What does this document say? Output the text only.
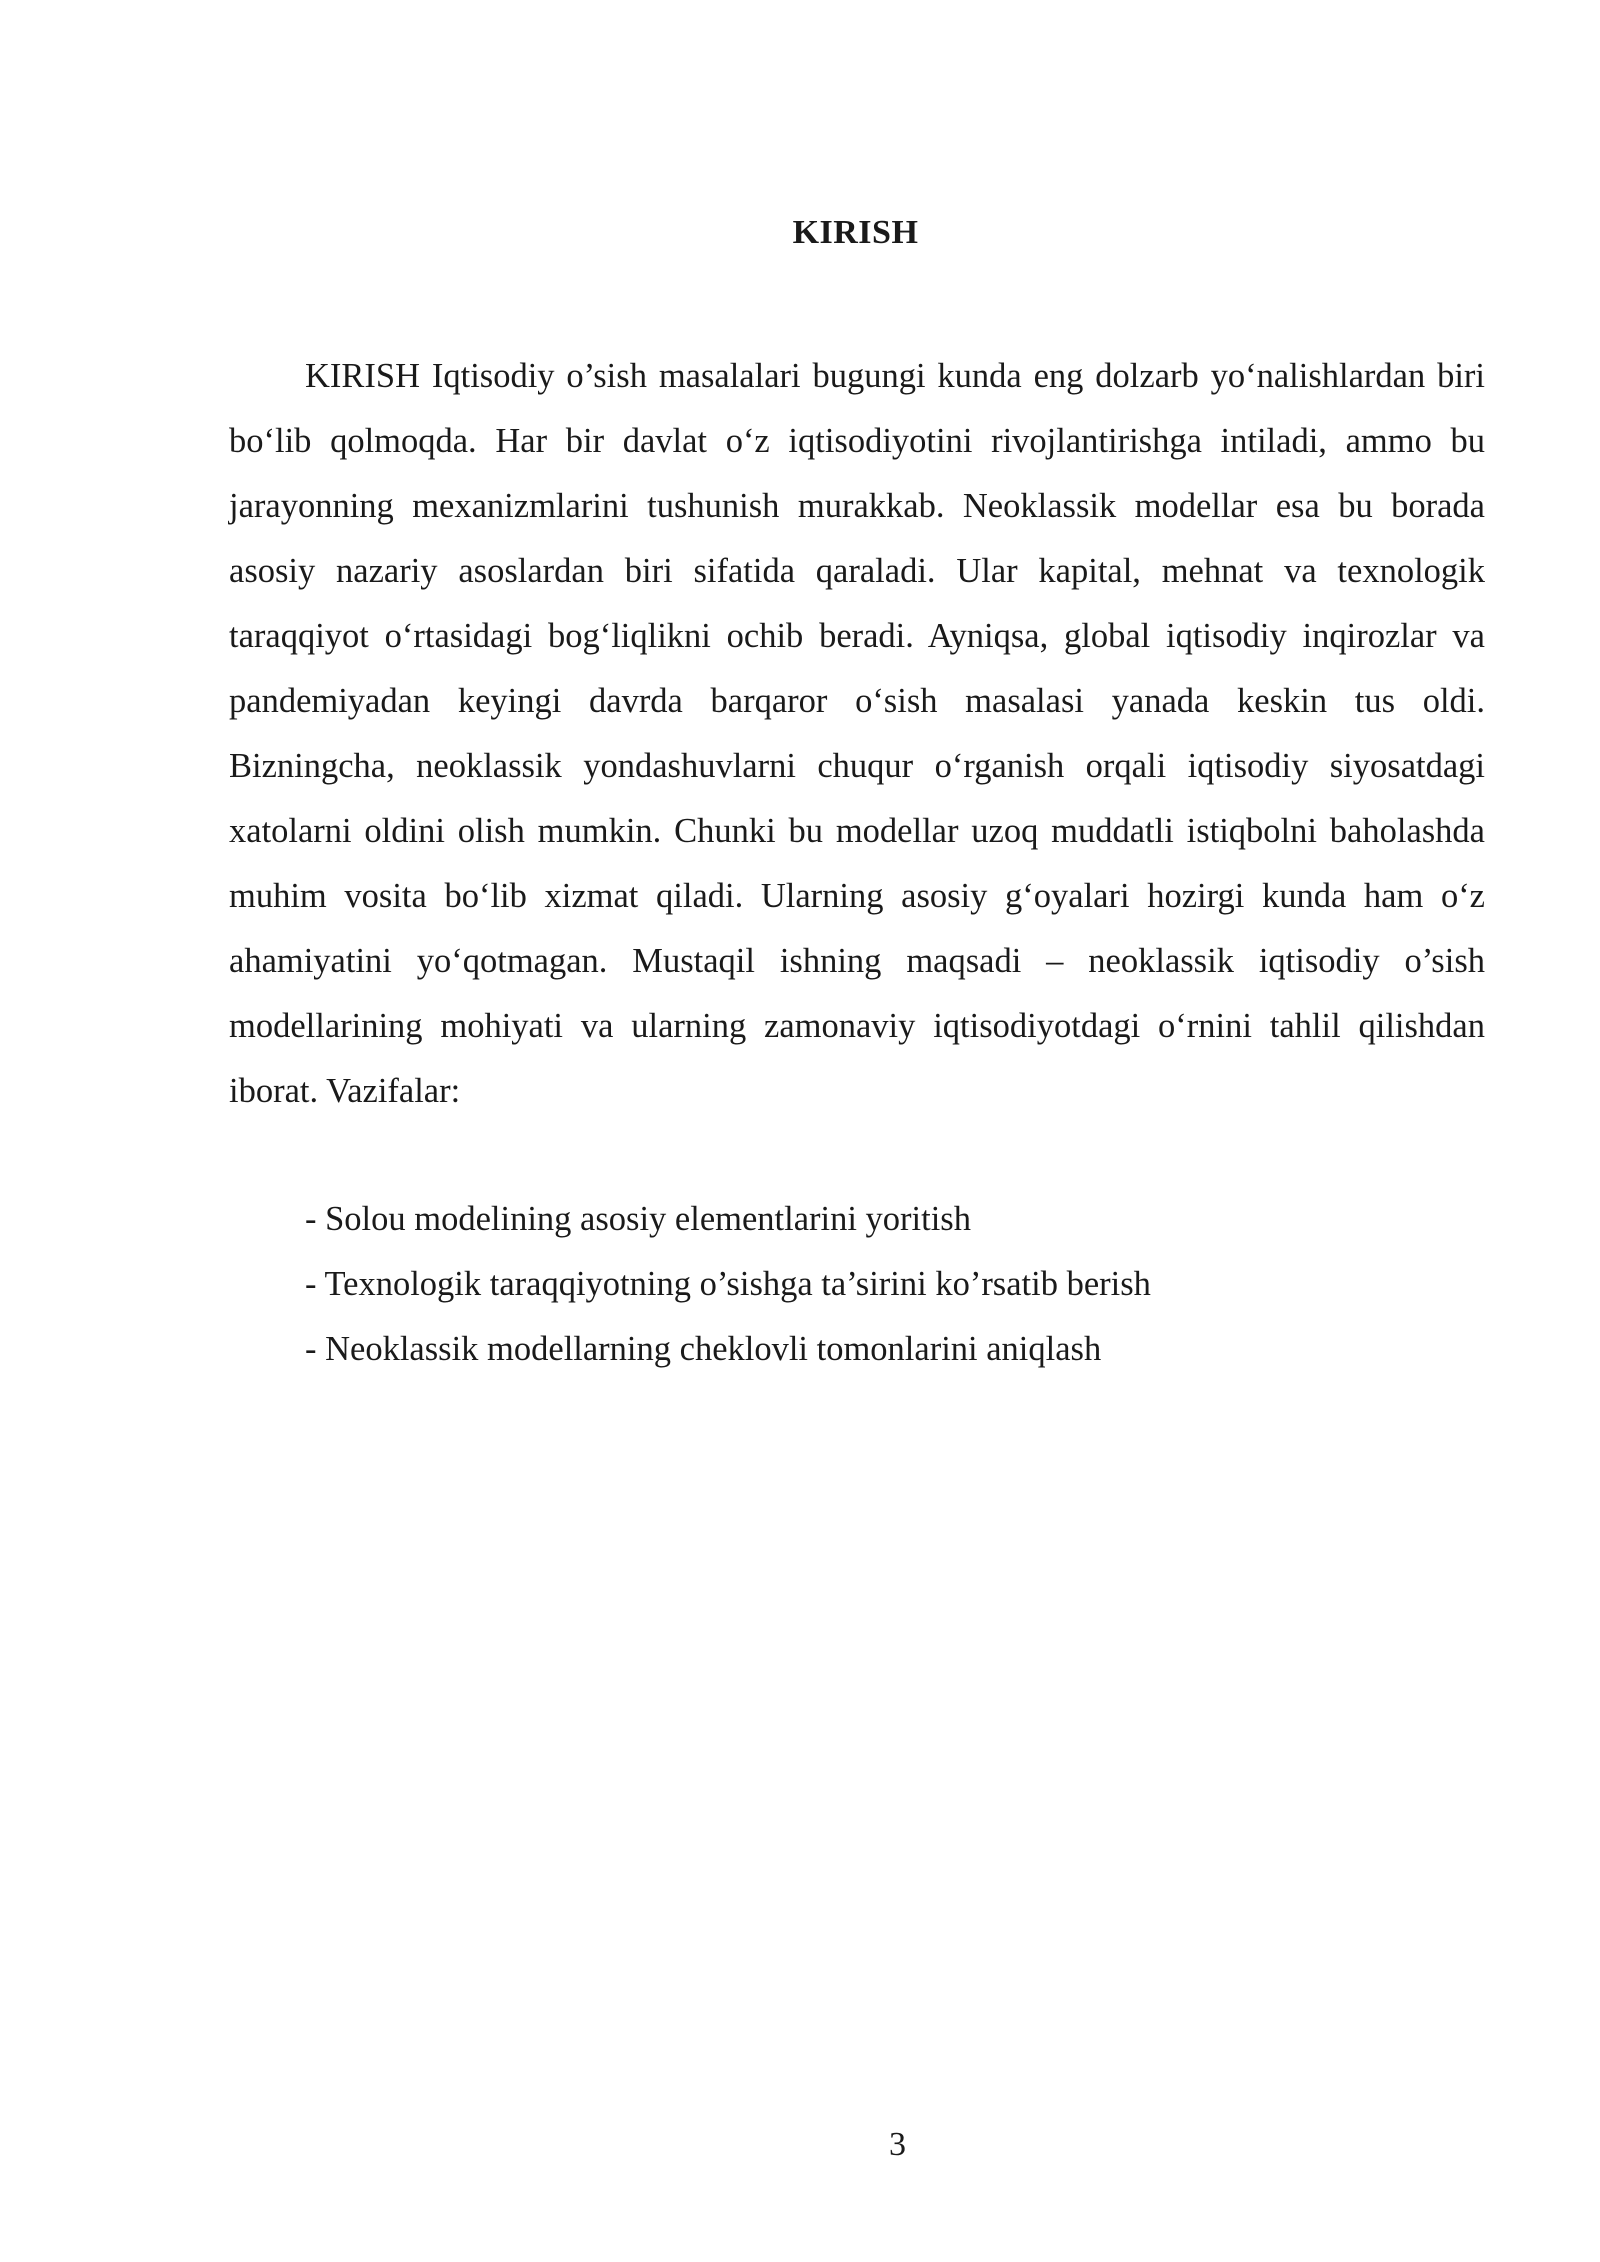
KIRISH

KIRISH Iqtisodiy o’sish masalalari bugungi kunda eng dolzarb yo‘nalishlardan biri bo‘lib qolmoqda. Har bir davlat o‘z iqtisodiyotini rivojlantirishga intiladi, ammo bu jarayonning mexanizmlarini tushunish murakkab. Neoklassik modellar esa bu borada asosiy nazariy asoslardan biri sifatida qaraladi. Ular kapital, mehnat va texnologik taraqqiyot o‘rtasidagi bog‘liqlikni ochib beradi. Ayniqsa, global iqtisodiy inqirozlar va pandemiyadan keyingi davrda barqaror o‘sish masalasi yanada keskin tus oldi. Bizningcha, neoklassik yondashuvlarni chuqur o‘rganish orqali iqtisodiy siyosatdagi xatolarni oldini olish mumkin. Chunki bu modellar uzoq muddatli istiqbolni baholashda muhim vosita bo‘lib xizmat qiladi. Ularning asosiy g‘oyalari hozirgi kunda ham o‘z ahamiyatini yo‘qotmagan. Mustaqil ishning maqsadi – neoklassik iqtisodiy o’sish modellarining mohiyati va ularning zamonaviy iqtisodiyotdagi o‘rnini tahlil qilishdan iborat. Vazifalar:

- Solou modelining asosiy elementlarini yoritish
- Texnologik taraqqiyotning o’sishga ta’sirini ko’rsatib berish
- Neoklassik modellarning cheklovli tomonlarini aniqlash
3
